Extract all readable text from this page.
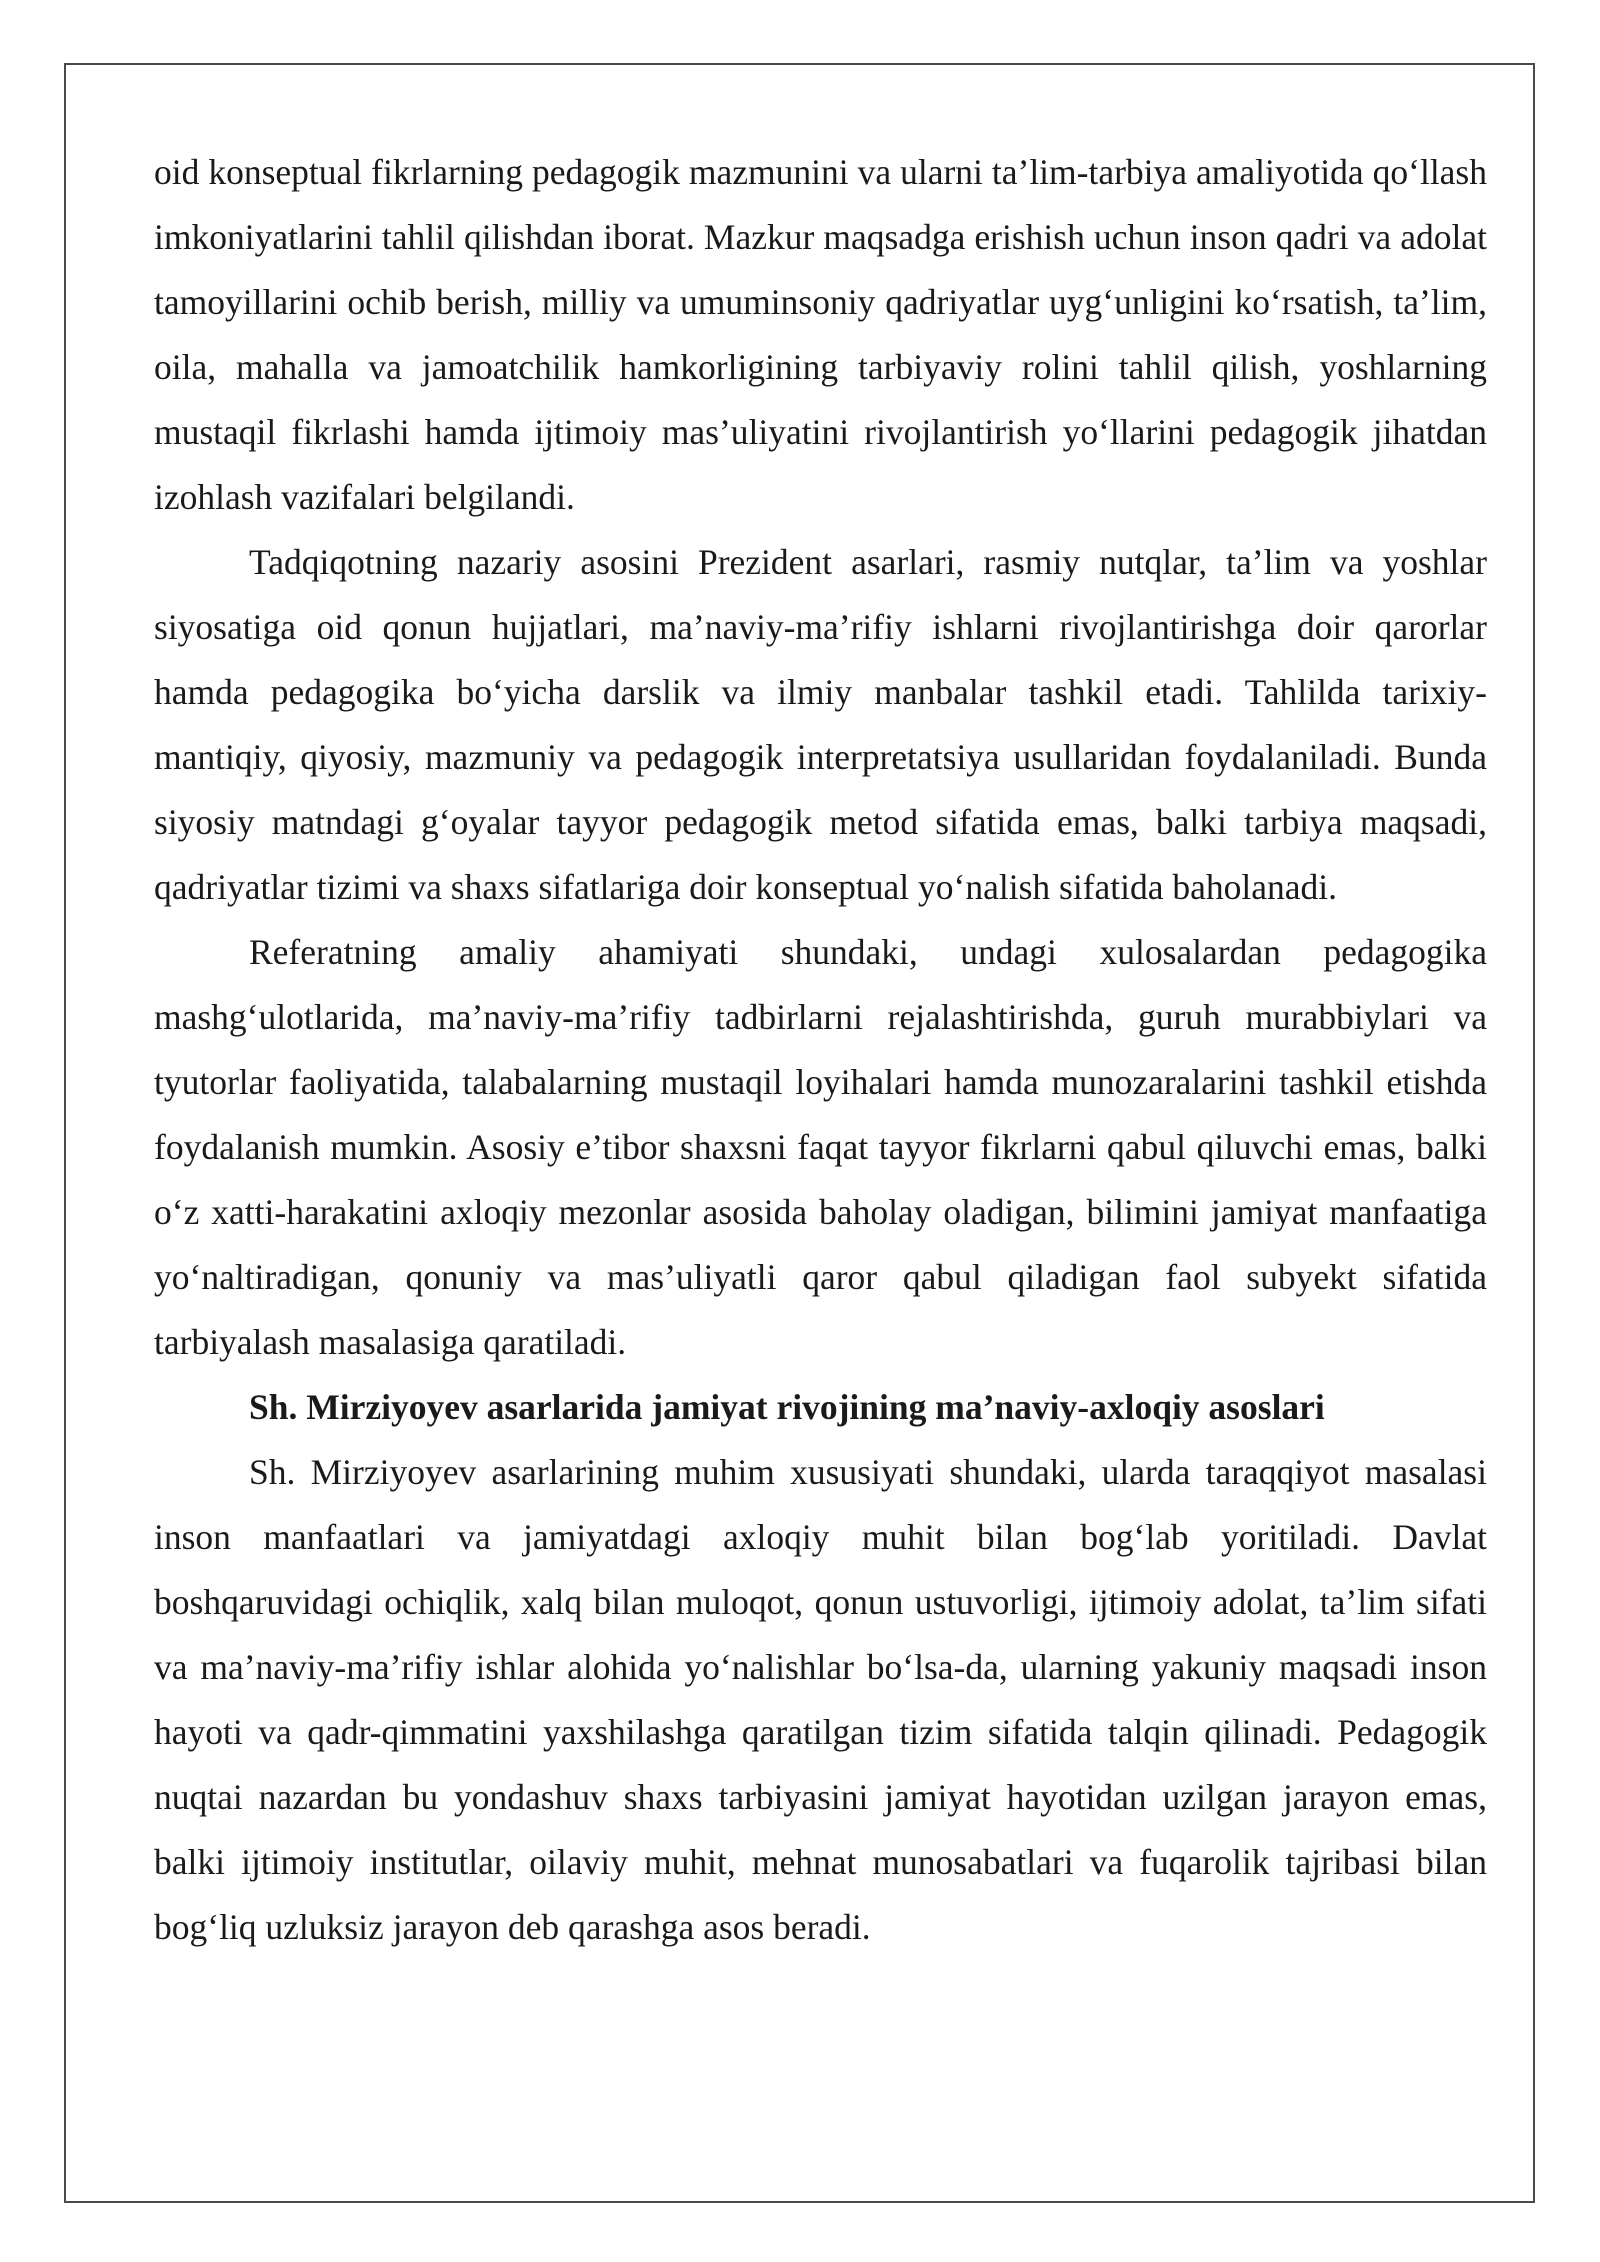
oid konseptual fikrlarning pedagogik mazmunini va ularni ta’lim-tarbiya amaliyotida qo‘llash imkoniyatlarini tahlil qilishdan iborat. Mazkur maqsadga erishish uchun inson qadri va adolat tamoyillarini ochib berish, milliy va umuminsoniy qadriyatlar uyg‘unligini ko‘rsatish, ta’lim, oila, mahalla va jamoatchilik hamkorligining tarbiyaviy rolini tahlil qilish, yoshlarning mustaqil fikrlashi hamda ijtimoiy mas’uliyatini rivojlantirish yo‘llarini pedagogik jihatdan izohlash vazifalari belgilandi.

Tadqiqotning nazariy asosini Prezident asarlari, rasmiy nutqlar, ta’lim va yoshlar siyosatiga oid qonun hujjatlari, ma’naviy-ma’rifiy ishlarni rivojlantirishga doir qarorlar hamda pedagogika bo‘yicha darslik va ilmiy manbalar tashkil etadi. Tahlilda tarixiy-mantiqiy, qiyosiy, mazmuniy va pedagogik interpretatsiya usullaridan foydalaniladi. Bunda siyosiy matndagi g‘oyalar tayyor pedagogik metod sifatida emas, balki tarbiya maqsadi, qadriyatlar tizimi va shaxs sifatlariga doir konseptual yo‘nalish sifatida baholanadi.

Referatning amaliy ahamiyati shundaki, undagi xulosalardan pedagogika mashg‘ulotlarida, ma’naviy-ma’rifiy tadbirlarni rejalashtirishda, guruh murabbiylari va tyutorlar faoliyatida, talabalarning mustaqil loyihalari hamda munozaralarini tashkil etishda foydalanish mumkin. Asosiy e’tibor shaxsni faqat tayyor fikrlarni qabul qiluvchi emas, balki o‘z xatti-harakatini axloqiy mezonlar asosida baholay oladigan, bilimini jamiyat manfaatiga yo‘naltiradigan, qonuniy va mas’uliyatli qaror qabul qiladigan faol subyekt sifatida tarbiyalash masalasiga qaratiladi.

Sh. Mirziyoyev asarlarida jamiyat rivojining ma’naviy-axloqiy asoslari

Sh. Mirziyoyev asarlarining muhim xususiyati shundaki, ularda taraqqiyot masalasi inson manfaatlari va jamiyatdagi axloqiy muhit bilan bog‘lab yoritiladi. Davlat boshqaruvidagi ochiqlik, xalq bilan muloqot, qonun ustuvorligi, ijtimoiy adolat, ta’lim sifati va ma’naviy-ma’rifiy ishlar alohida yo‘nalishlar bo‘lsa-da, ularning yakuniy maqsadi inson hayoti va qadr-qimmatini yaxshilashga qaratilgan tizim sifatida talqin qilinadi. Pedagogik nuqtai nazardan bu yondashuv shaxs tarbiyasini jamiyat hayotidan uzilgan jarayon emas, balki ijtimoiy institutlar, oilaviy muhit, mehnat munosabatlari va fuqarolik tajribasi bilan bog‘liq uzluksiz jarayon deb qarashga asos beradi.
